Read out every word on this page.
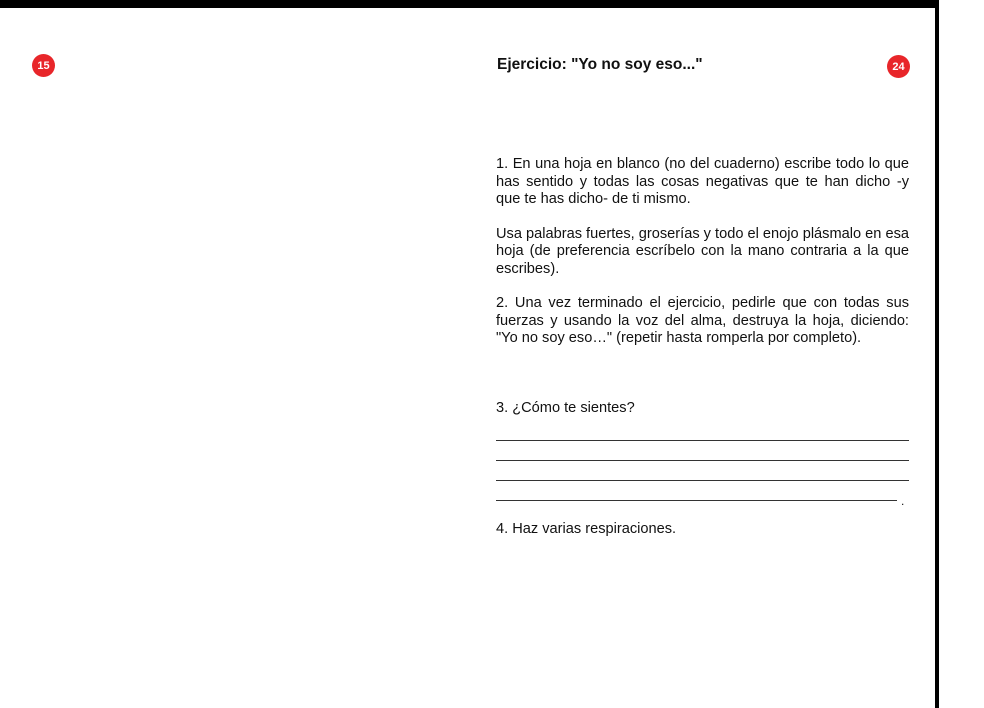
15	24
Ejercicio: "Yo no soy eso..."

1. En una hoja en blanco (no del cuaderno) escribe todo lo que has sentido y todas las cosas negativas que te han dicho -y que te has dicho- de ti mismo.

Usa palabras fuertes, groserías y todo el enojo plásmalo en esa hoja (de preferencia escríbelo con la mano contraria a la que escribes).

2. Una vez terminado el ejercicio, pedirle que con todas sus fuerzas y usando la voz del alma, destruya la hoja, diciendo: "Yo no soy eso…" (repetir hasta romperla por completo).

3. ¿Cómo te sientes?

.

4. Haz varias respiraciones.
